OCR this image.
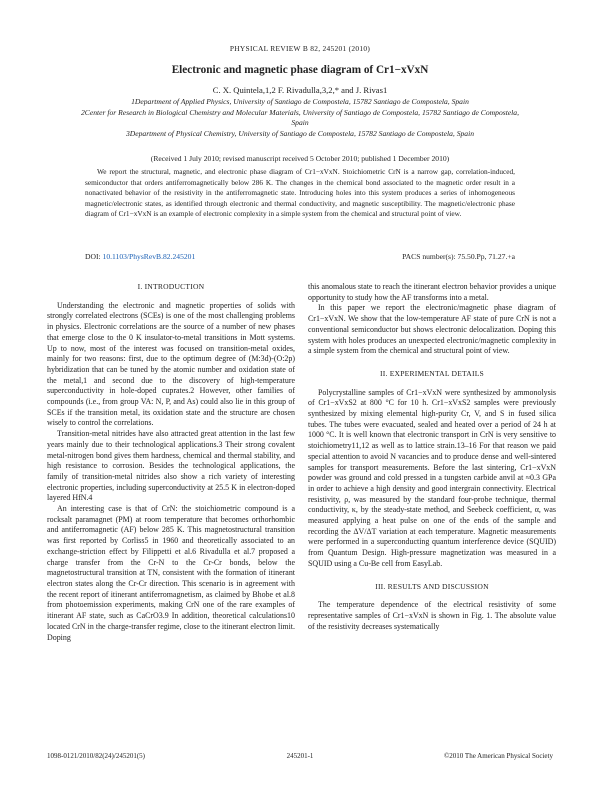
PHYSICAL REVIEW B 82, 245201 (2010)
Electronic and magnetic phase diagram of Cr1−xVxN
C. X. Quintela,1,2 F. Rivadulla,3,2,* and J. Rivas1

1Department of Applied Physics, University of Santiago de Compostela, 15782 Santiago de Compostela, Spain

2Center for Research in Biological Chemistry and Molecular Materials, University of Santiago de Compostela, 15782 Santiago de Compostela, Spain

3Department of Physical Chemistry, University of Santiago de Compostela, 15782 Santiago de Compostela, Spain

(Received 1 July 2010; revised manuscript received 5 October 2010; published 1 December 2010)
We report the structural, magnetic, and electronic phase diagram of Cr1−xVxN. Stoichiometric CrN is a narrow gap, correlation-induced, semiconductor that orders antiferromagnetically below 286 K. The changes in the chemical bond associated to the magnetic order result in a nonactivated behavior of the resistivity in the antiferromagnetic state. Introducing holes into this system produces a series of inhomogeneous magnetic/electronic states, as identified through electronic and thermal conductivity, and magnetic susceptibility. The magnetic/electronic phase diagram of Cr1−xVxN is an example of electronic complexity in a simple system from the chemical and structural point of view.
DOI: 10.1103/PhysRevB.82.245201	PACS number(s): 75.50.Pp, 71.27.+a
I. INTRODUCTION

Understanding the electronic and magnetic properties of solids with strongly correlated electrons (SCEs) is one of the most challenging problems in physics. Electronic correlations are the source of a number of new phases that emerge close to the 0 K insulator-to-metal transitions in Mott systems. Up to now, most of the interest was focused on transition-metal oxides, mainly for two reasons: first, due to the optimum degree of (M:3d)-(O:2p) hybridization that can be tuned by the atomic number and oxidation state of the metal,1 and second due to the discovery of high-temperature superconductivity in hole-doped cuprates.2 However, other families of compounds (i.e., from group VA: N, P, and As) could also lie in this group of SCEs if the transition metal, its oxidation state and the structure are chosen wisely to control the correlations.

Transition-metal nitrides have also attracted great attention in the last few years mainly due to their technological applications.3 Their strong covalent metal-nitrogen bond gives them hardness, chemical and thermal stability, and high resistance to corrosion. Besides the technological applications, the family of transition-metal nitrides also show a rich variety of interesting electronic properties, including superconductivity at 25.5 K in electron-doped layered HfN.4

An interesting case is that of CrN: the stoichiometric compound is a rocksalt paramagnet (PM) at room temperature that becomes orthorhombic and antiferromagnetic (AF) below 285 K. This magnetostructural transition was first reported by Corliss5 in 1960 and theoretically associated to an exchange-striction effect by Filippetti et al.6 Rivadulla et al.7 proposed a charge transfer from the Cr-N to the Cr-Cr bonds, below the magnetostructural transition at TN, consistent with the formation of itinerant electron states along the Cr-Cr direction. This scenario is in agreement with the recent report of itinerant antiferromagnetism, as claimed by Bhobe et al.8 from photoemission experiments, making CrN one of the rare examples of itinerant AF state, such as CaCrO3.9 In addition, theoretical calculations10 located CrN in the charge-transfer regime, close to the itinerant electron limit. Doping

this anomalous state to reach the itinerant electron behavior provides a unique opportunity to study how the AF transforms into a metal.

In this paper we report the electronic/magnetic phase diagram of Cr1−xVxN. We show that the low-temperature AF state of pure CrN is not a conventional semiconductor but shows electronic delocalization. Doping this system with holes produces an unexpected electronic/magnetic complexity in a simple system from the chemical and structural point of view.

II. EXPERIMENTAL DETAILS

Polycrystalline samples of Cr1−xVxN were synthesized by ammonolysis of Cr1−xVxS2 at 800 °C for 10 h. Cr1−xVxS2 samples were previously synthesized by mixing elemental high-purity Cr, V, and S in fused silica tubes. The tubes were evacuated, sealed and heated over a period of 24 h at 1000 °C. It is well known that electronic transport in CrN is very sensitive to stoichiometry11,12 as well as to lattice strain.13–16 For that reason we paid special attention to avoid N vacancies and to produce dense and well-sintered samples for transport measurements. Before the last sintering, Cr1−xVxN powder was ground and cold pressed in a tungsten carbide anvil at ≈0.3 GPa in order to achieve a high density and good intergrain connectivity. Electrical resistivity, ρ, was measured by the standard four-probe technique, thermal conductivity, κ, by the steady-state method, and Seebeck coefficient, α, was measured applying a heat pulse on one of the ends of the sample and recording the ΔV/ΔT variation at each temperature. Magnetic measurements were performed in a superconducting quantum interference device (SQUID) from Quantum Design. High-pressure magnetization was measured in a SQUID using a Cu-Be cell from EasyLab.

III. RESULTS AND DISCUSSION

The temperature dependence of the electrical resistivity of some representative samples of Cr1−xVxN is shown in Fig. 1. The absolute value of the resistivity decreases systematically

1098-0121/2010/82(24)/245201(5)	245201-1	©2010 The American Physical Society
